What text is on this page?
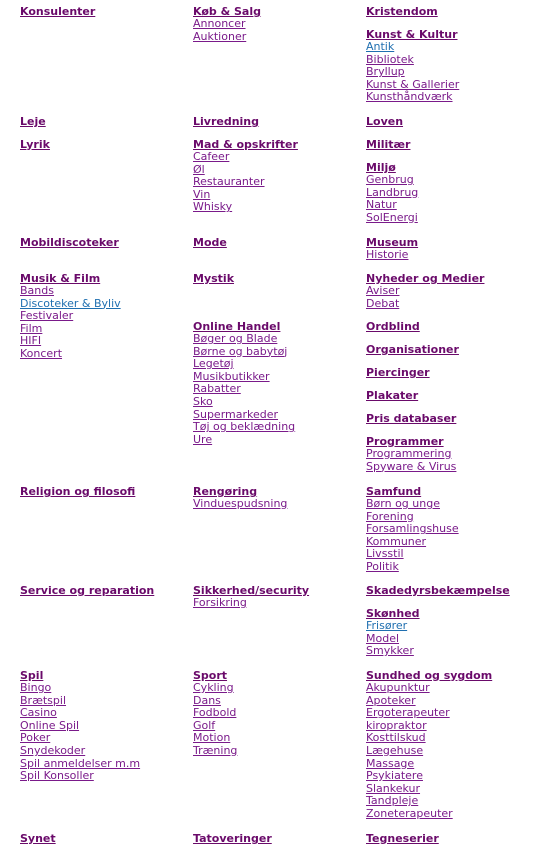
Konsulenter	Køb & Salg
Annoncer
Auktioner
Kristendom
Kunst & Kultur
Antik
Bibliotek
Bryllup
Kunst & Gallerier
Kunsthåndværk
Leje	Livredning	Loven
Lyrik	Mad & opskrifter
Cafeer
Øl
Restauranter
Vin
Whisky
Militær
Miljø
Genbrug
Landbrug
Natur
SolEnergi
Mobildiscoteker	Mode	Museum
Historie
Musik & Film
Bands
Discoteker & Byliv
Festivaler
Film
HIFI
Koncert
Mystik	Nyheder og Medier
Aviser
Debat
Online Handel
Bøger og Blade
Børne og babytøj
Legetøj
Musikbutikker
Rabatter
Sko
Supermarkeder
Tøj og beklædning
Ure
Ordblind
Organisationer
Piercinger
Plakater
Pris databaser
Programmer
Programmering
Spyware & Virus
Religion og filosofi	Rengøring
Vinduespudsning
Samfund
Børn og unge
Forening
Forsamlingshuse
Kommuner
Livsstil
Politik
Service og reparation	Sikkerhed/security
Forsikring
Skadedyrsbekæmpelse
Skønhed
Frisører
Model
Smykker
Spil
Bingo
Brætspil
Casino
Online Spil
Poker
Snydekoder
Spil anmeldelser m.m
Spil Konsoller
Sport
Cykling
Dans
Fodbold
Golf
Motion
Træning
Sundhed og sygdom
Akupunktur
Apoteker
Ergoterapeuter
kiropraktor
Kosttilskud
Lægehuse
Massage
Psykiatere
Slankekur
Tandpleje
Zoneterapeuter
Synet	Tatoveringer	Tegneserier
